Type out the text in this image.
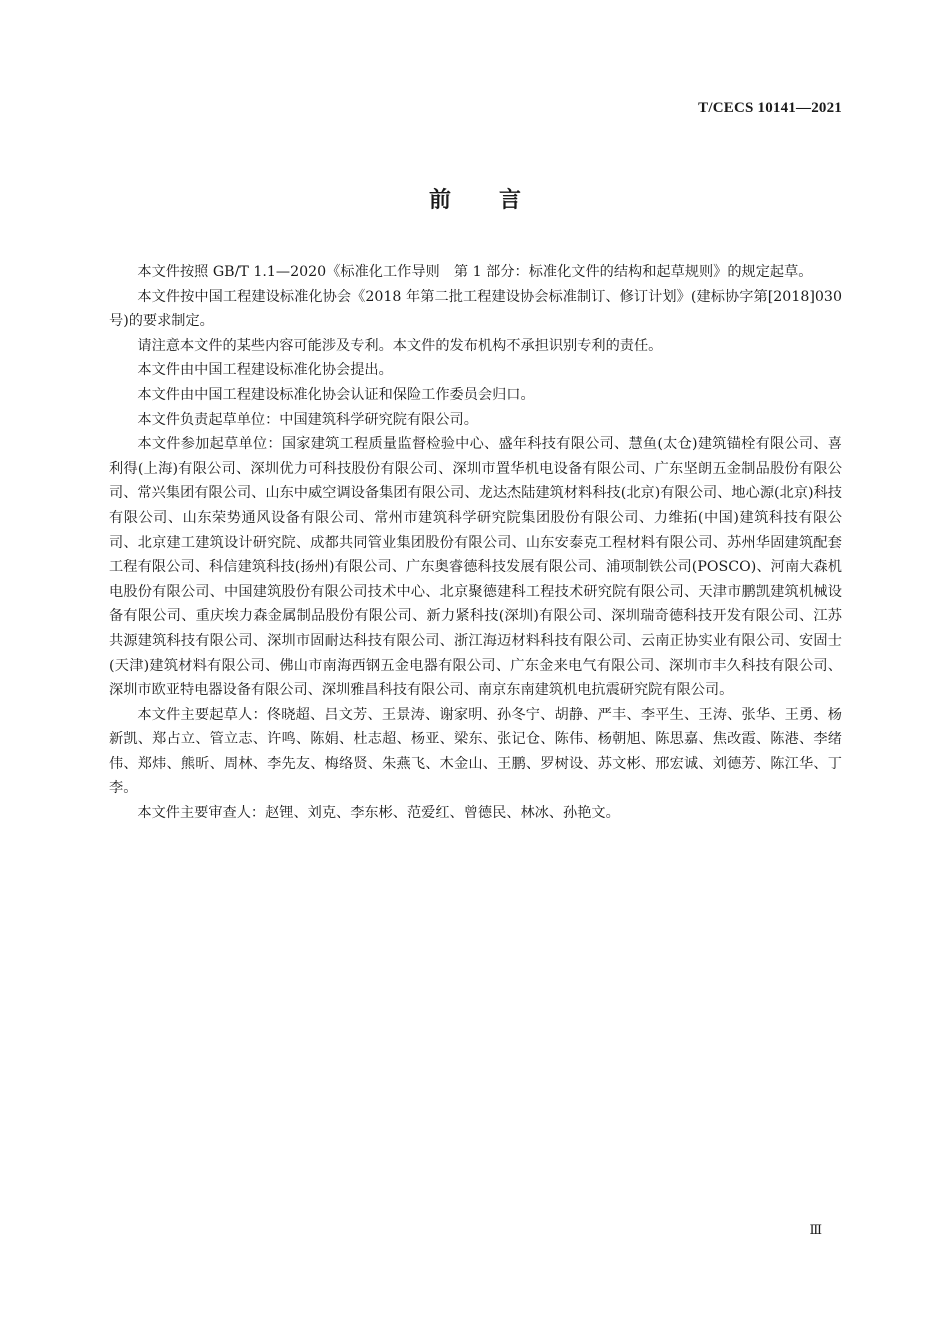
T/CECS 10141—2021
前言

本文件按照 GB/T 1.1—2020《标准化工作导则　第 1 部分：标准化文件的结构和起草规则》的规定起草。

本文件按中国工程建设标准化协会《2018 年第二批工程建设协会标准制订、修订计划》(建标协字第[2018]030 号)的要求制定。

请注意本文件的某些内容可能涉及专利。本文件的发布机构不承担识别专利的责任。

本文件由中国工程建设标准化协会提出。

本文件由中国工程建设标准化协会认证和保险工作委员会归口。

本文件负责起草单位：中国建筑科学研究院有限公司。

本文件参加起草单位：国家建筑工程质量监督检验中心、盛年科技有限公司、慧鱼(太仓)建筑锚栓有限公司、喜利得(上海)有限公司、深圳优力可科技股份有限公司、深圳市置华机电设备有限公司、广东坚朗五金制品股份有限公司、常兴集团有限公司、山东中威空调设备集团有限公司、龙达杰陆建筑材料科技(北京)有限公司、地心源(北京)科技有限公司、山东荣势通风设备有限公司、常州市建筑科学研究院集团股份有限公司、力维拓(中国)建筑科技有限公司、北京建工建筑设计研究院、成都共同管业集团股份有限公司、山东安泰克工程材料有限公司、苏州华固建筑配套工程有限公司、科信建筑科技(扬州)有限公司、广东奥睿德科技发展有限公司、浦项制铁公司(POSCO)、河南大森机电股份有限公司、中国建筑股份有限公司技术中心、北京聚德建科工程技术研究院有限公司、天津市鹏凯建筑机械设备有限公司、重庆埃力森金属制品股份有限公司、新力紧科技(深圳)有限公司、深圳瑞奇德科技开发有限公司、江苏共源建筑科技有限公司、深圳市固耐达科技有限公司、浙江海迈材料科技有限公司、云南正协实业有限公司、安固士(天津)建筑材料有限公司、佛山市南海西钢五金电器有限公司、广东金来电气有限公司、深圳市丰久科技有限公司、深圳市欧亚特电器设备有限公司、深圳雅昌科技有限公司、南京东南建筑机电抗震研究院有限公司。

本文件主要起草人：佟晓超、吕文芳、王景涛、谢家明、孙冬宁、胡静、严丰、李平生、王涛、张华、王勇、杨新凯、郑占立、管立志、许鸣、陈娟、杜志超、杨亚、梁东、张记仓、陈伟、杨朝旭、陈思嘉、焦改霞、陈港、李绪伟、郑炜、熊昕、周林、李先友、梅络贤、朱燕飞、木金山、王鹏、罗树设、苏文彬、邢宏诚、刘德芳、陈江华、丁李。

本文件主要审查人：赵锂、刘克、李东彬、范爱红、曾德民、林冰、孙艳文。

Ⅲ
